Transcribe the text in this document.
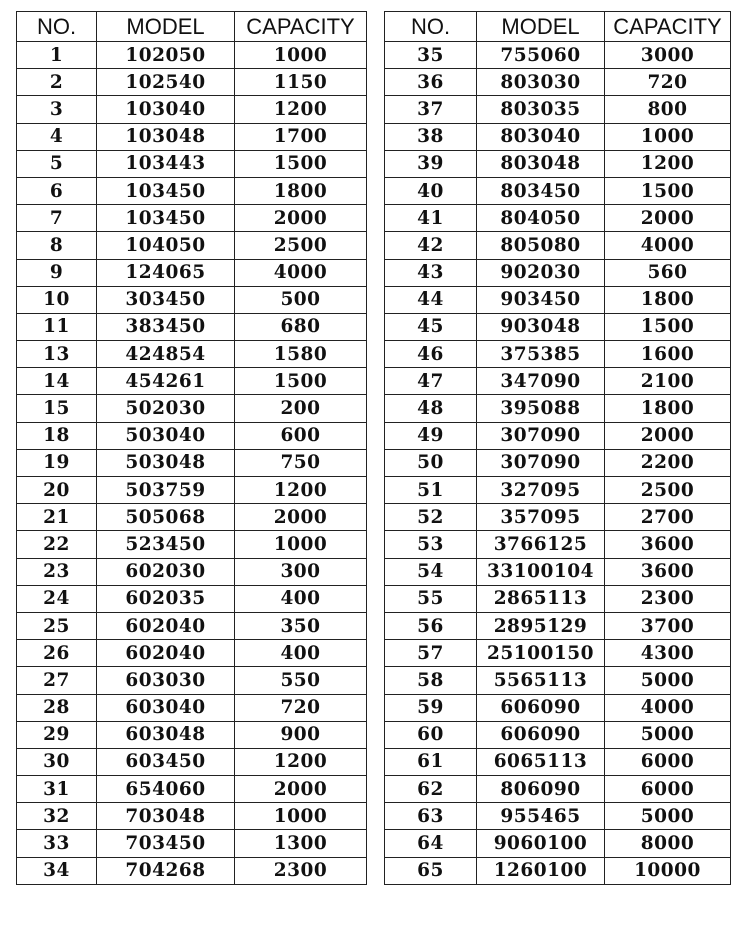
NO.	MODEL	CAPACITY
1	102050	1000
2	102540	1150
3	103040	1200
4	103048	1700
5	103443	1500
6	103450	1800
7	103450	2000
8	104050	2500
9	124065	4000
10	303450	500
11	383450	680
13	424854	1580
14	454261	1500
15	502030	200
18	503040	600
19	503048	750
20	503759	1200
21	505068	2000
22	523450	1000
23	602030	300
24	602035	400
25	602040	350
26	602040	400
27	603030	550
28	603040	720
29	603048	900
30	603450	1200
31	654060	2000
32	703048	1000
33	703450	1300
34	704268	2300
NO.	MODEL	CAPACITY
35	755060	3000
36	803030	720
37	803035	800
38	803040	1000
39	803048	1200
40	803450	1500
41	804050	2000
42	805080	4000
43	902030	560
44	903450	1800
45	903048	1500
46	375385	1600
47	347090	2100
48	395088	1800
49	307090	2000
50	307090	2200
51	327095	2500
52	357095	2700
53	3766125	3600
54	33100104	3600
55	2865113	2300
56	2895129	3700
57	25100150	4300
58	5565113	5000
59	606090	4000
60	606090	5000
61	6065113	6000
62	806090	6000
63	955465	5000
64	9060100	8000
65	1260100	10000
